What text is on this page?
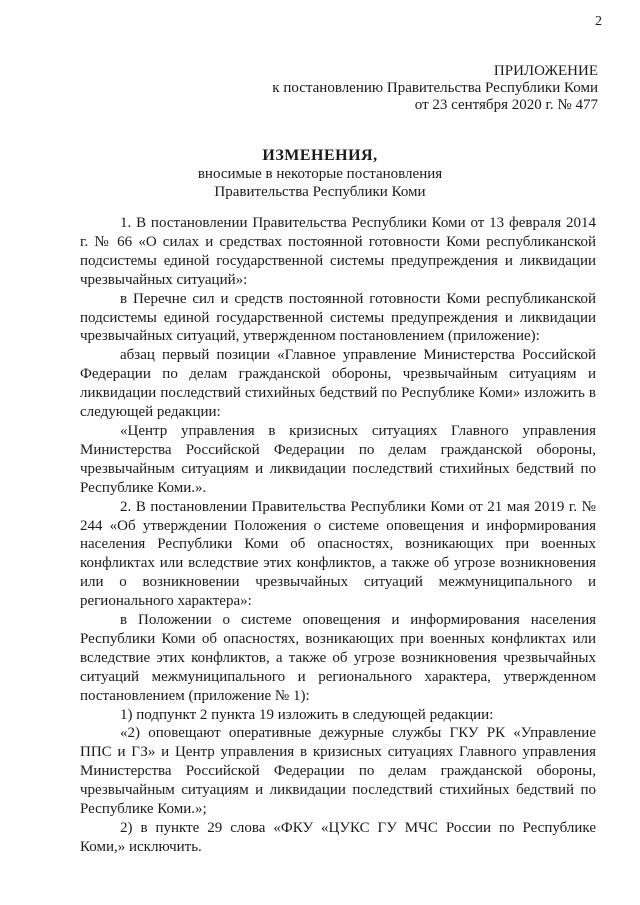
2
ПРИЛОЖЕНИЕ
к постановлению Правительства Республики Коми
от 23 сентября 2020 г. № 477
ИЗМЕНЕНИЯ,
вносимые в некоторые постановления
Правительства Республики Коми

1. В постановлении Правительства Республики Коми от 13 февраля 2014 г. № 66 «О силах и средствах постоянной готовности Коми республиканской подсистемы единой государственной системы предупреждения и ликвидации чрезвычайных ситуаций»:

в Перечне сил и средств постоянной готовности Коми республиканской подсистемы единой государственной системы предупреждения и ликвидации чрезвычайных ситуаций, утвержденном постановлением (приложение):

абзац первый позиции «Главное управление Министерства Российской Федерации по делам гражданской обороны, чрезвычайным ситуациям и ликвидации последствий стихийных бедствий по Республике Коми» изложить в следующей редакции:

«Центр управления в кризисных ситуациях Главного управления Министерства Российской Федерации по делам гражданской обороны, чрезвычайным ситуациям и ликвидации последствий стихийных бедствий по Республике Коми.».

2. В постановлении Правительства Республики Коми от 21 мая 2019 г. № 244 «Об утверждении Положения о системе оповещения и информирования населения Республики Коми об опасностях, возникающих при военных конфликтах или вследствие этих конфликтов, а также об угрозе возникновения или о возникновении чрезвычайных ситуаций межмуниципального и регионального характера»:

в Положении о системе оповещения и информирования населения Республики Коми об опасностях, возникающих при военных конфликтах или вследствие этих конфликтов, а также об угрозе возникновения чрезвычайных ситуаций межмуниципального и регионального характера, утвержденном постановлением (приложение № 1):

1) подпункт 2 пункта 19 изложить в следующей редакции:

«2) оповещают оперативные дежурные службы ГКУ РК «Управление ППС и ГЗ» и Центр управления в кризисных ситуациях Главного управления Министерства Российской Федерации по делам гражданской обороны, чрезвычайным ситуациям и ликвидации последствий стихийных бедствий по Республике Коми.»;

2) в пункте 29 слова «ФКУ «ЦУКС ГУ МЧС России по Республике Коми,» исключить.
